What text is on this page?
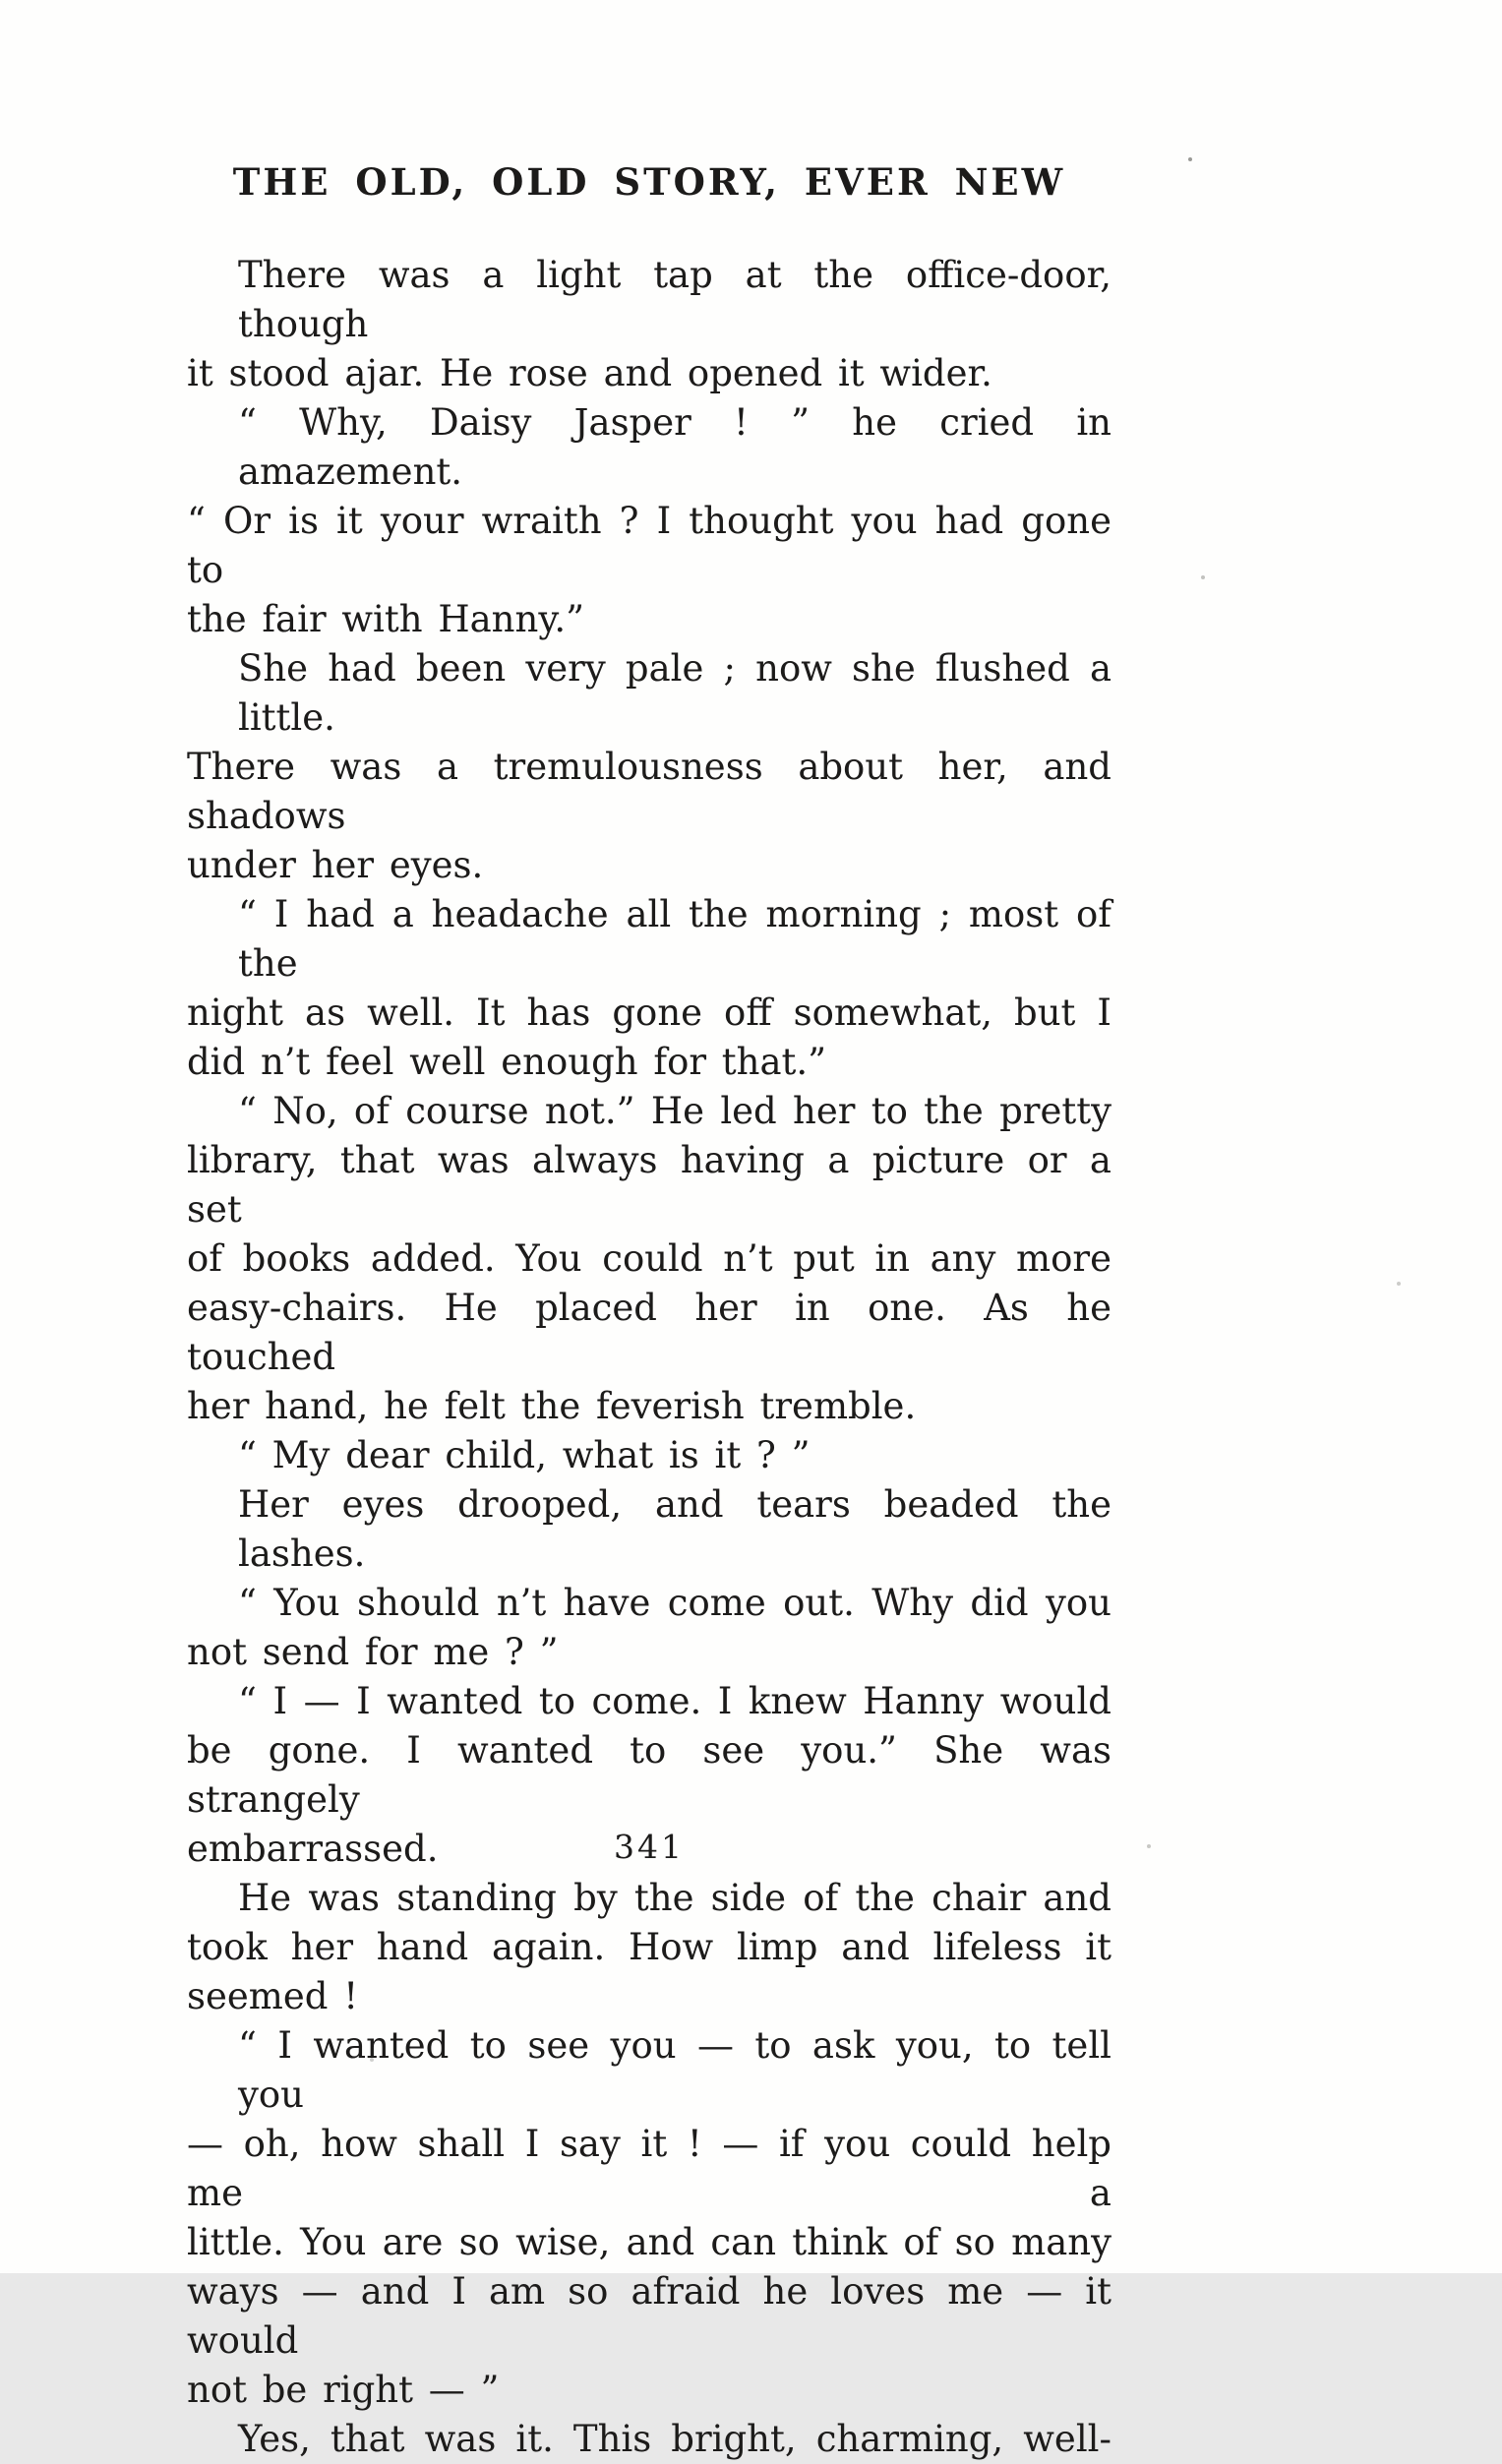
THE OLD, OLD STORY, EVER NEW
There was a light tap at the office-door, though
it stood ajar. He rose and opened it wider.
“ Why, Daisy Jasper ! ” he cried in amazement.
“ Or is it your wraith ? I thought you had gone to
the fair with Hanny.”
She had been very pale ; now she flushed a little.
There was a tremulousness about her, and shadows
under her eyes.
“ I had a headache all the morning ; most of the
night as well. It has gone off somewhat, but I
did n’t feel well enough for that.”
“ No, of course not.” He led her to the pretty
library, that was always having a picture or a set
of books added. You could n’t put in any more
easy-chairs. He placed her in one. As he touched
her hand, he felt the feverish tremble.
“ My dear child, what is it ? ”
Her eyes drooped, and tears beaded the lashes.
“ You should n’t have come out. Why did you
not send for me ? ”
“ I — I wanted to come. I knew Hanny would
be gone. I wanted to see you.” She was strangely
embarrassed.
He was standing by the side of the chair and
took her hand again. How limp and lifeless it
seemed !
“ I wanted to see you — to ask you, to tell you
— oh, how shall I say it ! — if you could help me a
little. You are so wise, and can think of so many
ways — and I am so afraid he loves me — it would
not be right — ”
Yes, that was it. This bright, charming, well-
341
